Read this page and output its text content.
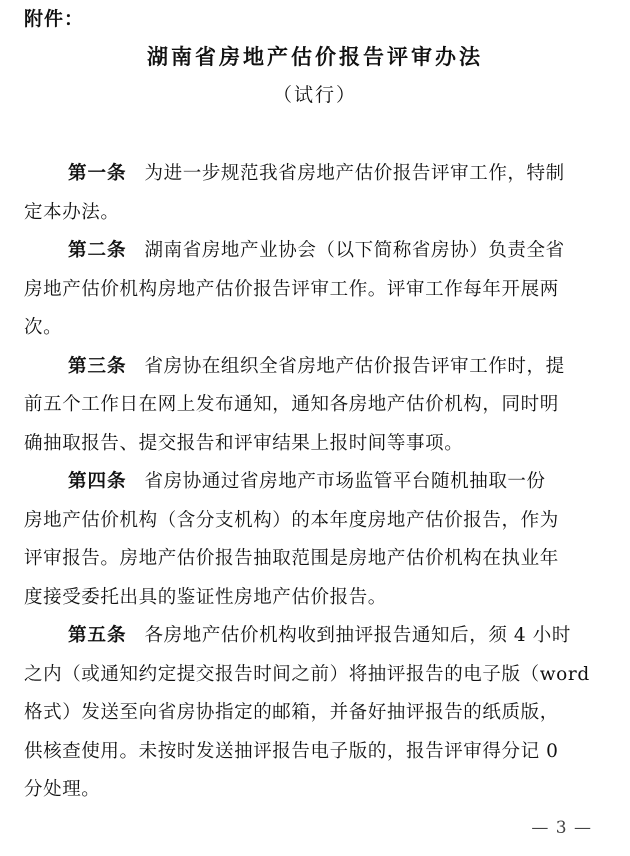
附件：
湖南省房地产估价报告评审办法
（试行）
第一条 为进一步规范我省房地产估价报告评审工作，特制
定本办法。
第二条 湖南省房地产业协会（以下简称省房协）负责全省
房地产估价机构房地产估价报告评审工作。评审工作每年开展两
次。
第三条 省房协在组织全省房地产估价报告评审工作时，提
前五个工作日在网上发布通知，通知各房地产估价机构，同时明
确抽取报告、提交报告和评审结果上报时间等事项。
第四条 省房协通过省房地产市场监管平台随机抽取一份
房地产估价机构（含分支机构）的本年度房地产估价报告，作为
评审报告。房地产估价报告抽取范围是房地产估价机构在执业年
度接受委托出具的鉴证性房地产估价报告。
第五条 各房地产估价机构收到抽评报告通知后，须 4 小时
之内（或通知约定提交报告时间之前）将抽评报告的电子版（word
格式）发送至向省房协指定的邮箱，并备好抽评报告的纸质版，
供核查使用。未按时发送抽评报告电子版的，报告评审得分记 0
分处理。
— 3 —
